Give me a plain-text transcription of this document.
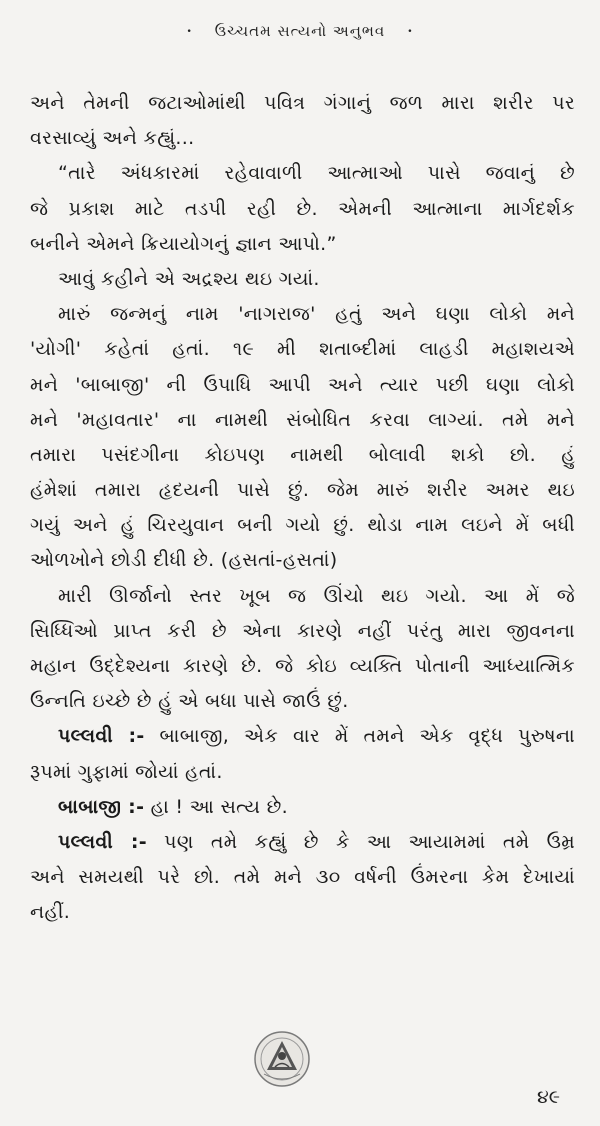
• ઉચ્ચતમ સત્યનો અનુભવ •
અને તેમની જટાઓમાંથી પવિત્ર ગંગાનું જળ મારા શરીર પર
વરસાવ્યું અને કહ્યું...
“તારે અંધકારમાં રહેવાવાળી આત્માઓ પાસે જવાનું છે
જે પ્રકાશ માટે તડપી રહી છે. એમની આત્માના માર્ગદર્શક
બનીને એમને ક્રિયાયોગનું જ્ઞાન આપો.”
આવું કહીને એ અદ્રશ્ય થઇ ગયાં.
મારું જન્મનું નામ 'નાગરાજ' હતું અને ઘણા લોકો મને
'યોગી' કહેતાં હતાં. ૧૯ મી શતાબ્દીમાં લાહડી મહાશયએ
મને 'બાબાજી' ની ઉપાધિ આપી અને ત્યાર પછી ઘણા લોકો
મને 'મહાવતાર' ના નામથી સંબોધિત કરવા લાગ્યાં. તમે મને
તમારા પસંદગીના કોઇપણ નામથી બોલાવી શકો છો. હું
હંમેશાં તમારા હૃદયની પાસે છું. જેમ મારું શરીર અમર થઇ
ગયું અને હું ચિરયુવાન બની ગયો છું. થોડા નામ લઇને મેં બધી
ઓળખોને છોડી દીધી છે. (હસતાં-હસતાં)
મારી ઊર્જાનો સ્તર ખૂબ જ ઊંચો થઇ ગયો. આ મેં જે
સિધ્ધિઓ પ્રાપ્ત કરી છે એના કારણે નહીં પરંતુ મારા જીવનના
મહાન ઉદ્દેશ્યના કારણે છે. જે કોઇ વ્યક્તિ પોતાની આધ્યાત્મિક
ઉન્નતિ ઇચ્છે છે હું એ બધા પાસે જાઉં છું.
પલ્લવી :- બાબાજી, એક વાર મેં તમને એક વૃદ્ધ પુરુષના
રૂપમાં ગુફામાં જોયાં હતાં.
બાબાજી :- હા ! આ સત્ય છે.
પલ્લવી :- પણ તમે કહ્યું છે કે આ આયામમાં તમે ઉમ્ર
અને સમયથી પરે છો. તમે મને ૩૦ વર્ષની ઉંમરના કેમ દેખાયાં
નહીં.
૪૯
